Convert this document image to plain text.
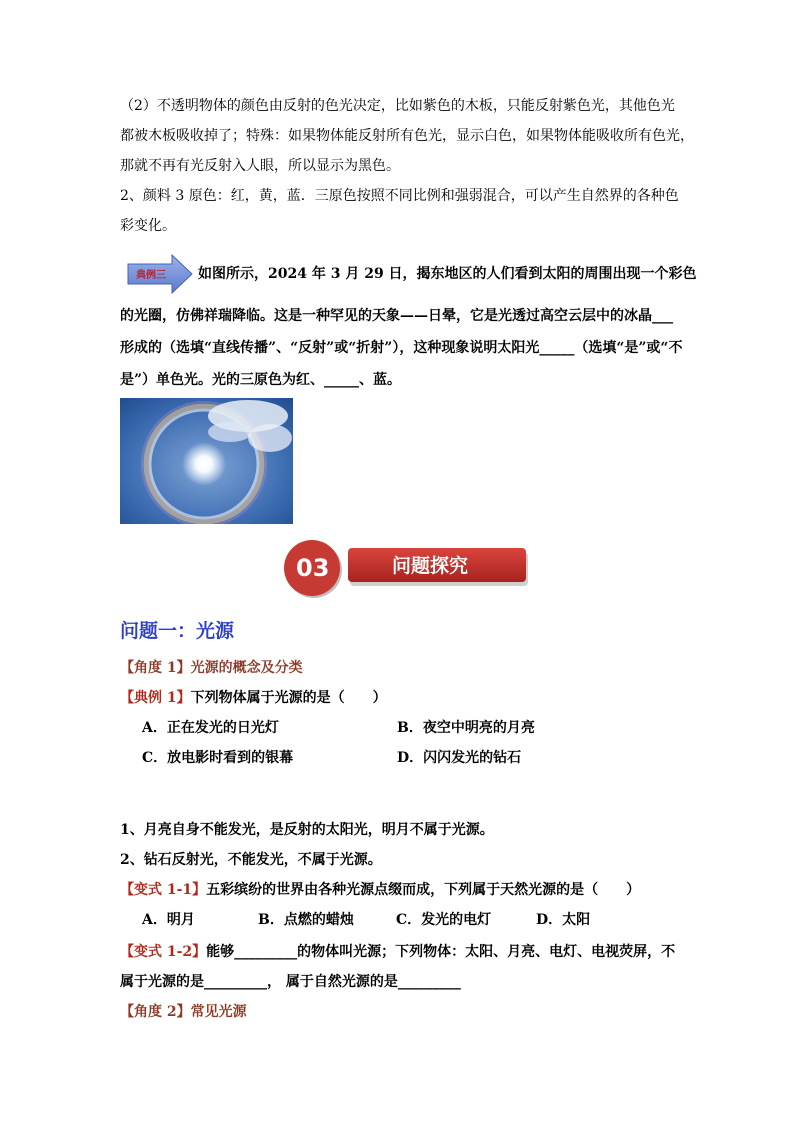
（2）不透明物体的颜色由反射的色光决定，比如紫色的木板，只能反射紫色光，其他色光
都被木板吸收掉了；特殊：如果物体能反射所有色光，显示白色，如果物体能吸收所有色光，
那就不再有光反射入人眼，所以显示为黑色。
2、颜料 3 原色：红，黄，蓝．三原色按照不同比例和强弱混合，可以产生自然界的各种色
彩变化。
典例三 如图所示，2024 年 3 月 29 日，揭东地区的人们看到太阳的周围出现一个彩色
的光圈，仿佛祥瑞降临。这是一种罕见的天象——日晕，它是光透过高空云层中的冰晶___
形成的（选填“直线传播”、“反射”或“折射”），这种现象说明太阳光_____（选填“是”或“不
是”）单色光。光的三原色为红、_____、蓝。
03	问题探究
问题一：光源
【角度 1】光源的概念及分类
【典例 1】下列物体属于光源的是（　　）
A．正在发光的日光灯	B．夜空中明亮的月亮
C．放电影时看到的银幕	D．闪闪发光的钻石
1、月亮自身不能发光，是反射的太阳光，明月不属于光源。
2、钻石反射光，不能发光，不属于光源。
【变式 1-1】五彩缤纷的世界由各种光源点缀而成，下列属于天然光源的是（　　）
A．明月	B．点燃的蜡烛	C．发光的电灯	D．太阳
【变式 1-2】能够_________的物体叫光源；下列物体：太阳、月亮、电灯、电视荧屏，不
属于光源的是_________， 属于自然光源的是_________
【角度 2】常见光源
